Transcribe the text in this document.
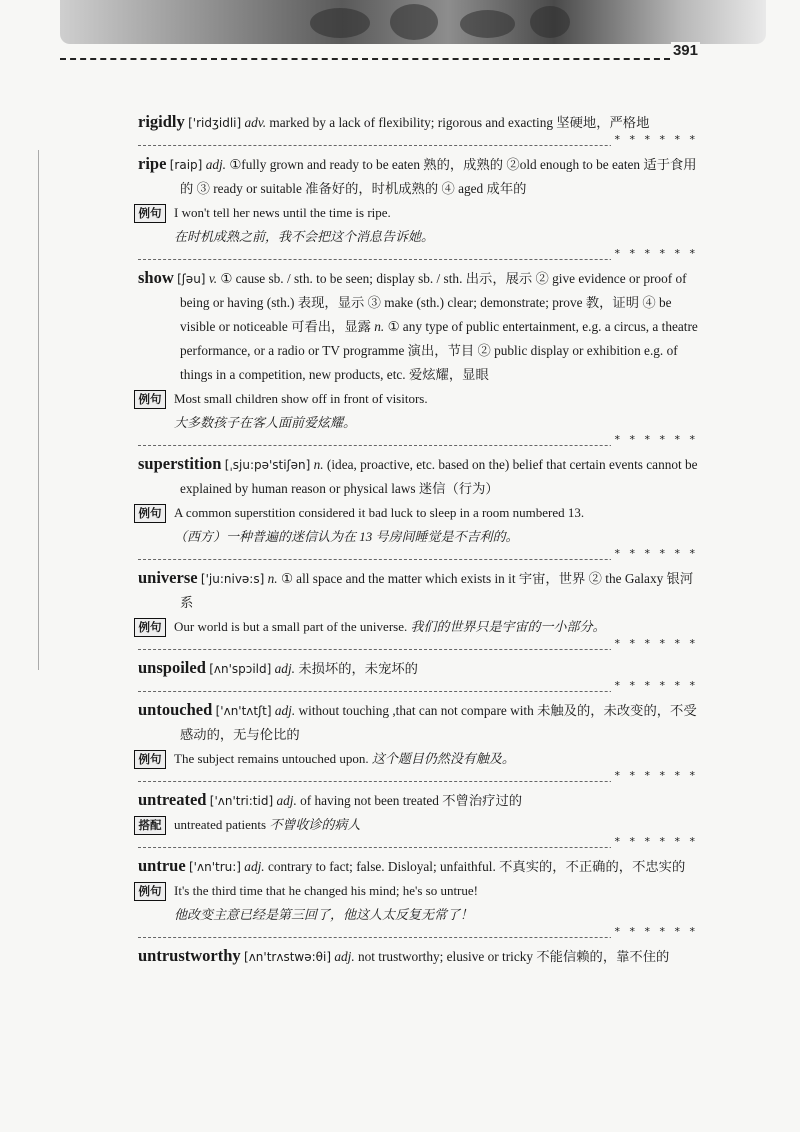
391

rigidly ['ridʒidli] adv. marked by a lack of flexibility; rigorous and exacting 坚硬地，严格地

* * * * * *

ripe [raip] adj. ①fully grown and ready to be eaten 熟的，成熟的 ②old enough to be eaten 适于食用的 ③ ready or suitable 准备好的，时机成熟的 ④ aged 成年的

例句 I won't tell her news until the time is ripe.
在时机成熟之前，我不会把这个消息告诉她。
* * * * * *

show [ʃəu] v. ① cause sb. / sth. to be seen; display sb. / sth. 出示，展示 ② give evidence or proof of being or having (sth.) 表现，显示 ③ make (sth.) clear; demonstrate; prove 教，证明 ④ be visible or noticeable 可看出，显露 n. ① any type of public entertainment, e.g. a circus, a theatre performance, or a radio or TV programme 演出，节目 ② public display or exhibition e.g. of things in a competition, new products, etc. 爱炫耀，显眼

例句 Most small children show off in front of visitors.
大多数孩子在客人面前爱炫耀。
* * * * * *

superstition [ˌsju:pə'stiʃən] n. (idea, proactive, etc. based on the) belief that certain events cannot be explained by human reason or physical laws 迷信（行为）

例句 A common superstition considered it bad luck to sleep in a room numbered 13.
（西方）一种普遍的迷信认为在 13 号房间睡觉是不吉利的。
* * * * * *

universe ['ju:nivə:s] n. ① all space and the matter which exists in it 宇宙，世界 ② the Galaxy 银河系

例句 Our world is but a small part of the universe. 我们的世界只是宇宙的一小部分。
* * * * * *

unspoiled [ʌn'spɔild] adj. 未损坏的，未宠坏的

* * * * * *

untouched ['ʌn'tʌtʃt] adj. without touching ,that can not compare with 未触及的，未改变的，不受感动的，无与伦比的

例句 The subject remains untouched upon. 这个题目仍然没有触及。
* * * * * *

untreated ['ʌn'tri:tid] adj. of having not been treated 不曾治疗过的

搭配 untreated patients 不曾收诊的病人
* * * * * *

untrue ['ʌn'tru:] adj. contrary to fact; false. Disloyal; unfaithful. 不真实的，不正确的，不忠实的

例句 It's the third time that he changed his mind; he's so untrue!
他改变主意已经是第三回了，他这人太反复无常了！
* * * * * *

untrustworthy [ʌn'trʌstwə:θi] adj. not trustworthy; elusive or tricky 不能信赖的，靠不住的
